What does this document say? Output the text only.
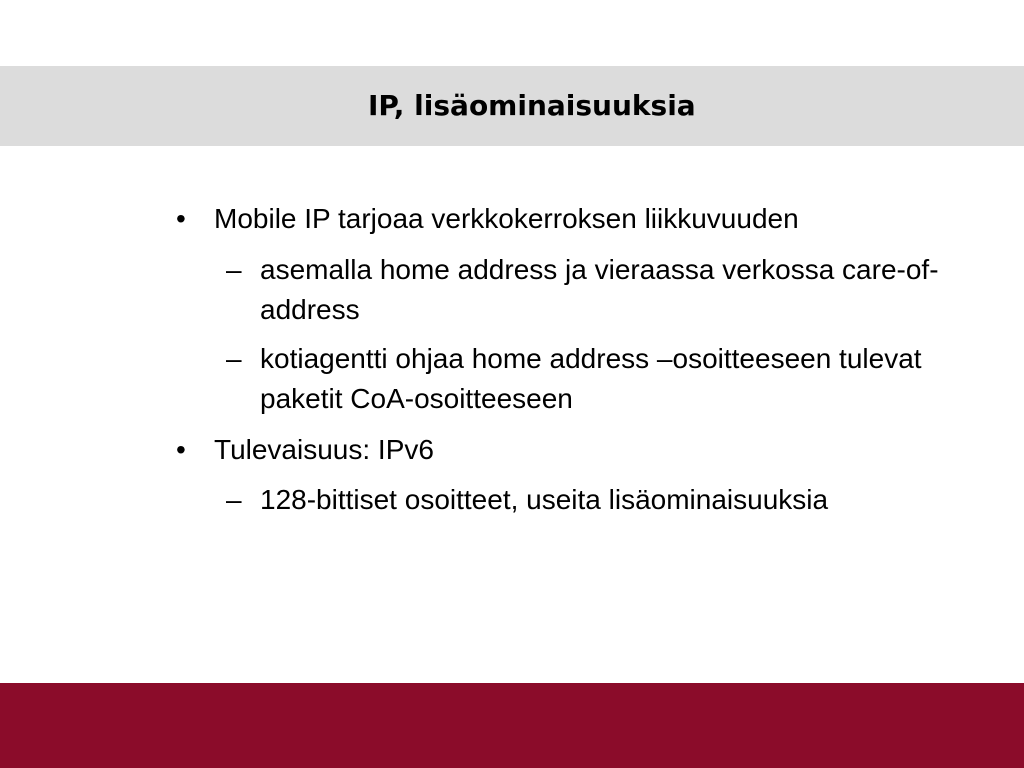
IP, lisäominaisuuksia
• Mobile IP tarjoaa verkkokerroksen liikkuvuuden
– asemalla home address ja vieraassa verkossa care-of-address
– kotiagentti ohjaa home address –osoitteeseen tulevat paketit CoA-osoitteeseen
• Tulevaisuus: IPv6
– 128-bittiset osoitteet, useita lisäominaisuuksia
